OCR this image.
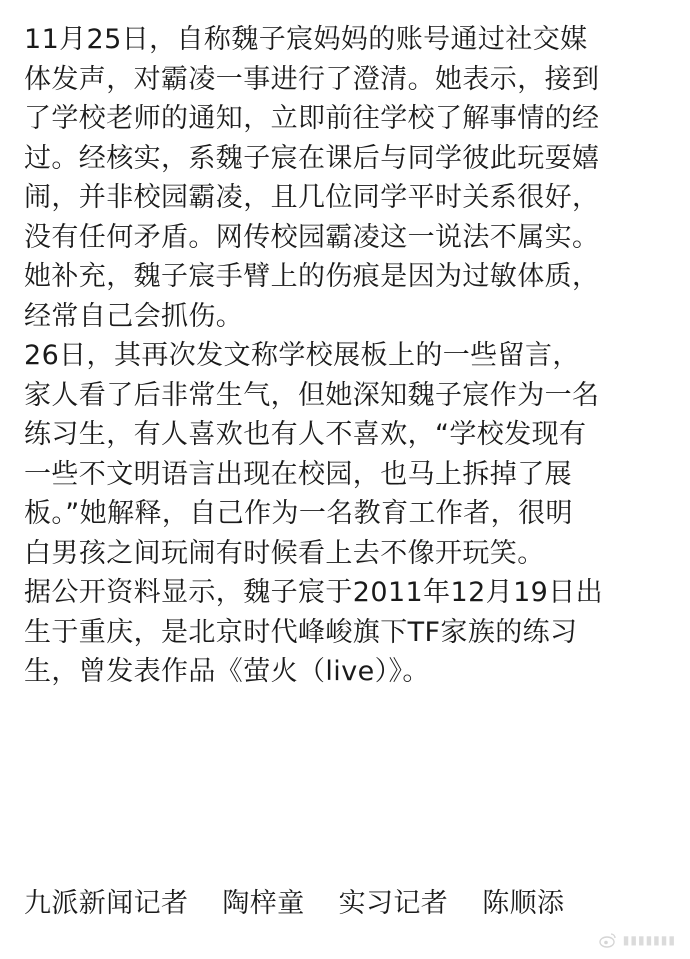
11月25日，自称魏子宸妈妈的账号通过社交媒
体发声，对霸凌一事进行了澄清。她表示，接到
了学校老师的通知，立即前往学校了解事情的经
过。经核实，系魏子宸在课后与同学彼此玩耍嬉
闹，并非校园霸凌，且几位同学平时关系很好，
没有任何矛盾。网传校园霸凌这一说法不属实。
她补充，魏子宸手臂上的伤痕是因为过敏体质，
经常自己会抓伤。
26日，其再次发文称学校展板上的一些留言，
家人看了后非常生气，但她深知魏子宸作为一名
练习生，有人喜欢也有人不喜欢，“学校发现有
一些不文明语言出现在校园，也马上拆掉了展
板。”她解释，自己作为一名教育工作者，很明
白男孩之间玩闹有时候看上去不像开玩笑。
据公开资料显示，魏子宸于2011年12月19日出
生于重庆，是北京时代峰峻旗下TF家族的练习
生，曾发表作品《萤火（live）》。
九派新闻记者 陶梓童 实习记者 陈顺添
▮▮▮▮▮▮▮
